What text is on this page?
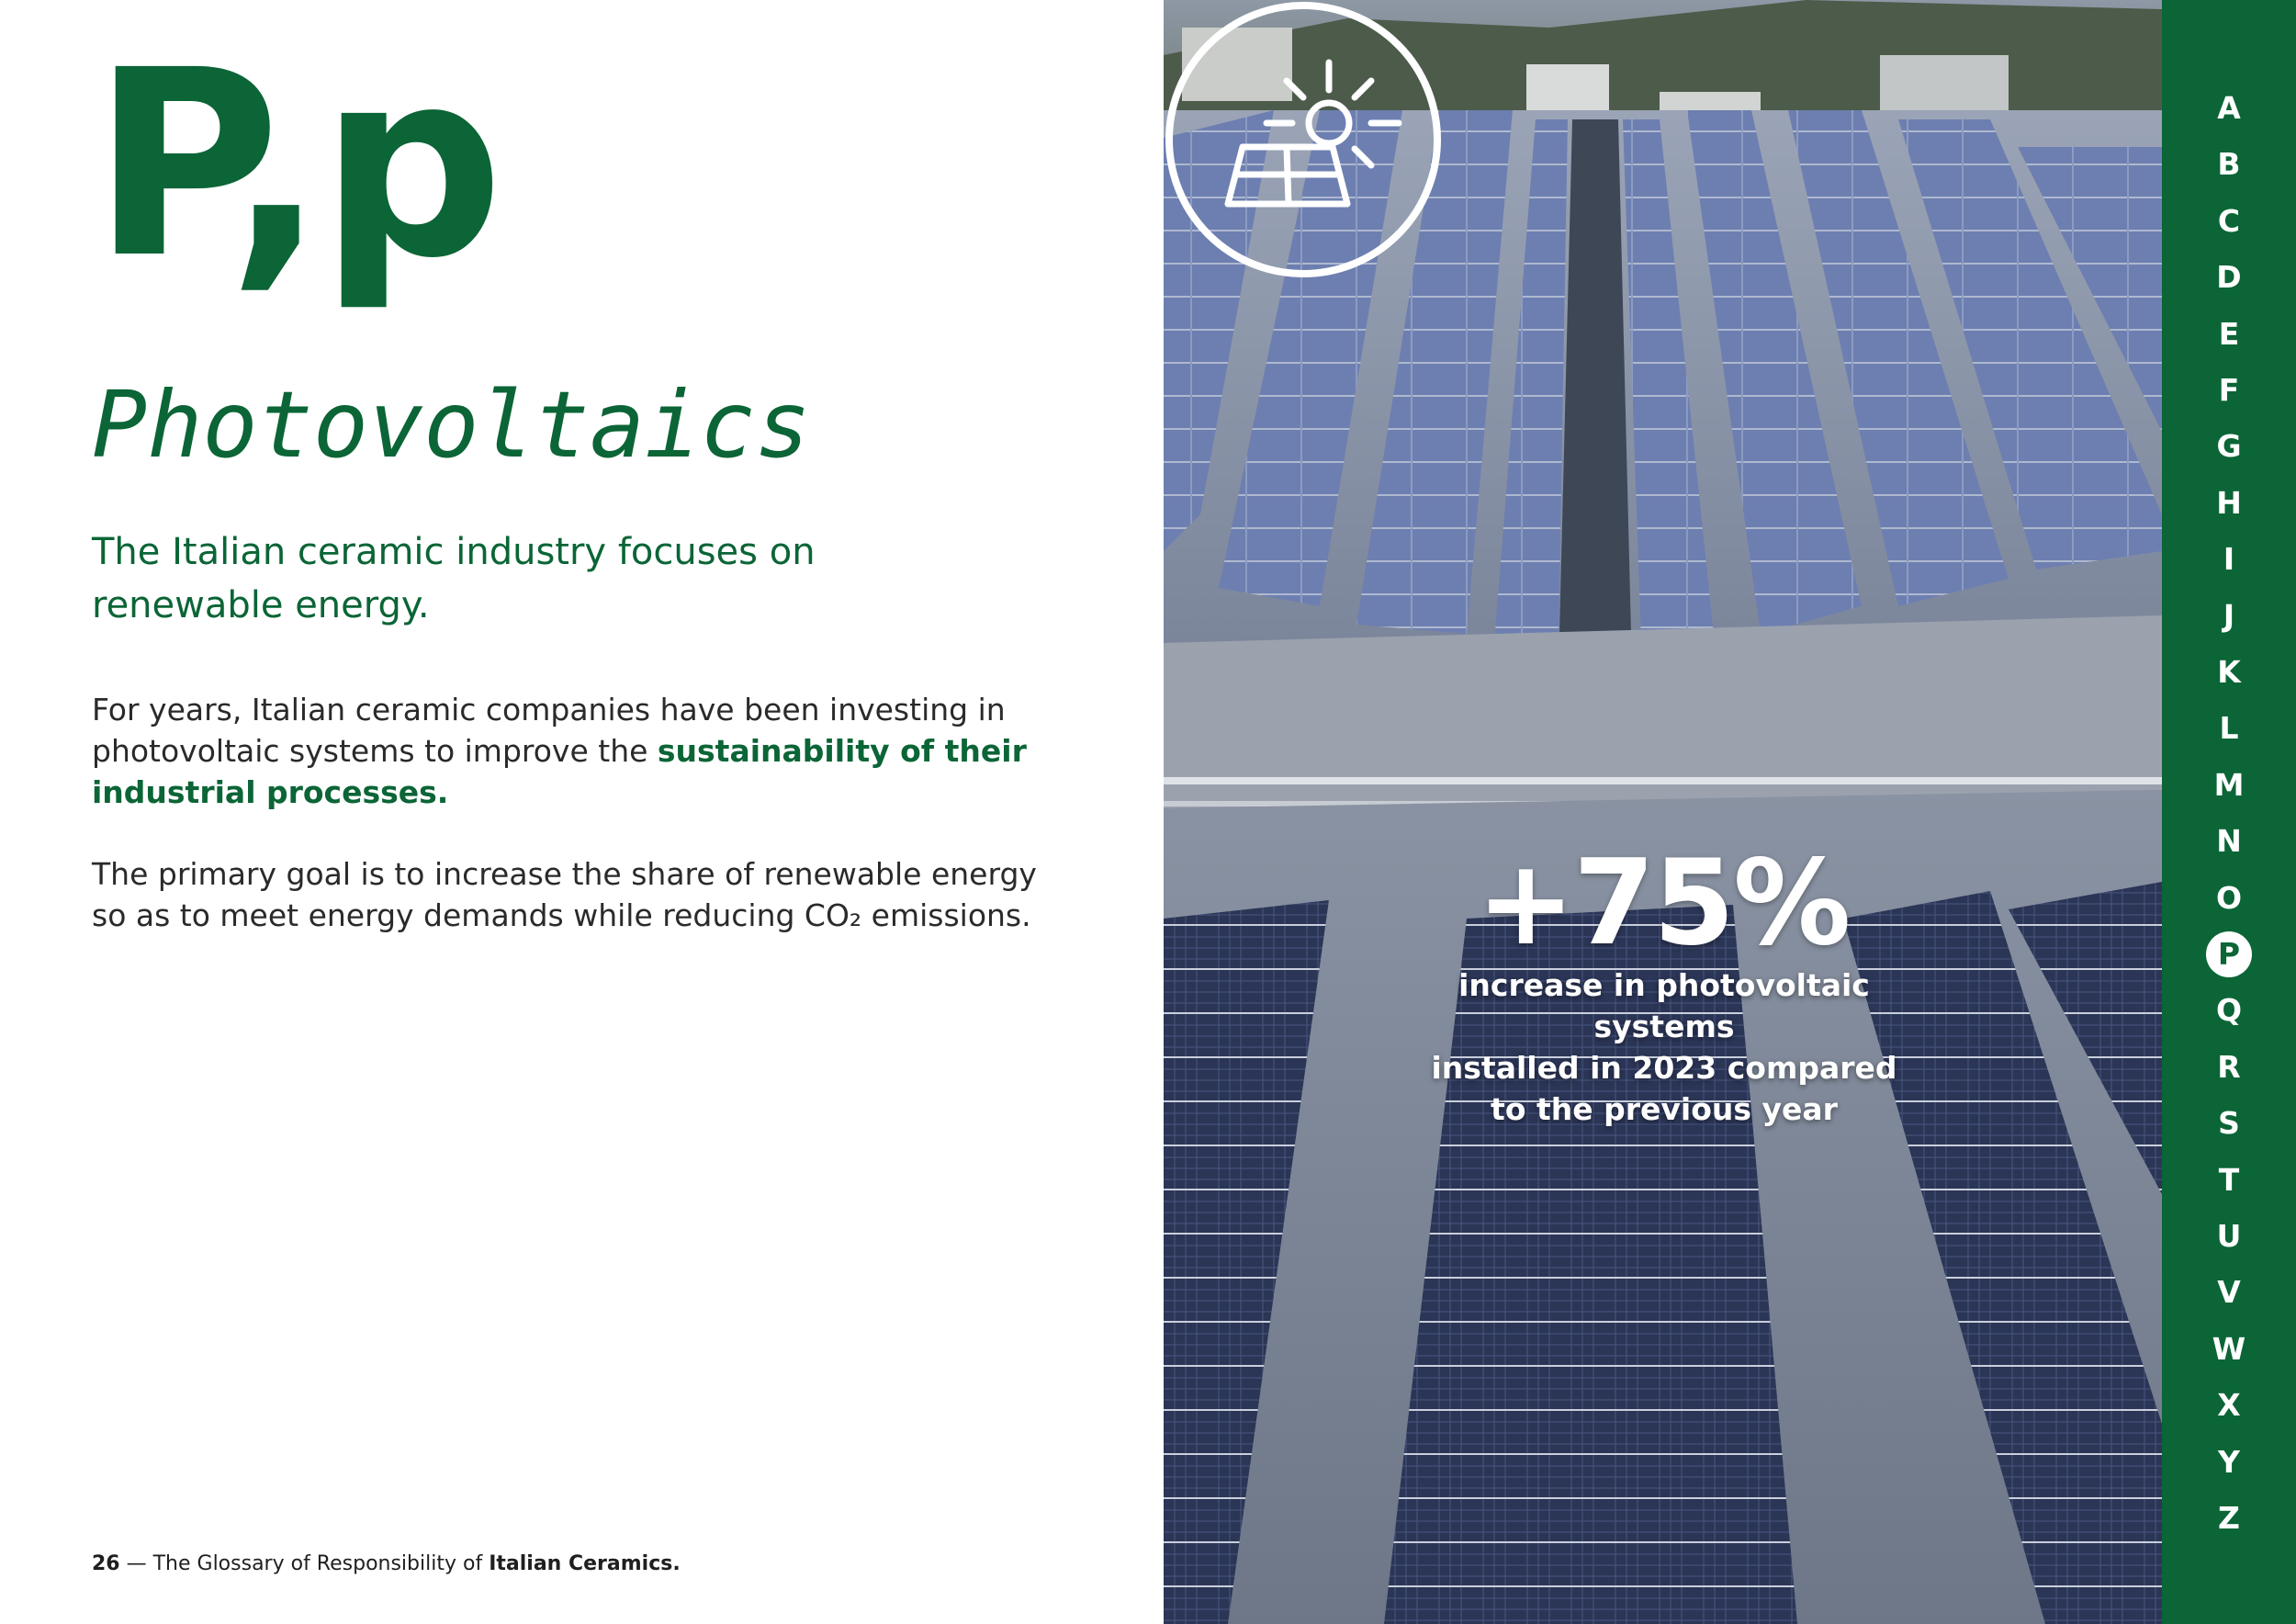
P,p
Photovoltaics

The Italian ceramic industry focuses on renewable energy.

For years, Italian ceramic companies have been investing in photovoltaic systems to improve the sustainability of their industrial processes.

The primary goal is to increase the share of renewable energy so as to meet energy demands while reducing CO₂ emissions.

26 — The Glossary of Responsibility of Italian Ceramics.

+75%
increase in photovoltaic systems
installed in 2023 compared
to the previous year
A
B
C
D
E
F
G
H
I
J
K
L
M
N
O
P
Q
R
S
T
U
V
W
X
Y
Z
